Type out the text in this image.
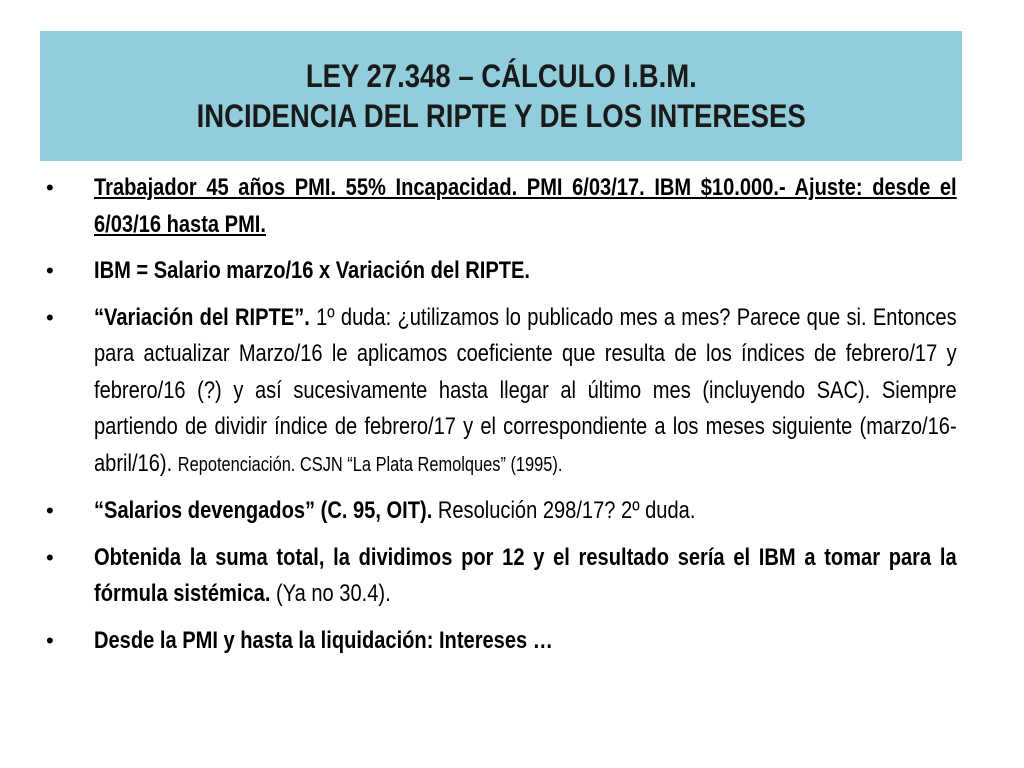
LEY 27.348 – CÁLCULO I.B.M.
INCIDENCIA DEL RIPTE Y DE LOS INTERESES
• Trabajador 45 años PMI. 55% Incapacidad. PMI 6/03/17. IBM $10.000.- Ajuste: desde el 6/03/16 hasta PMI.
• IBM = Salario marzo/16 x Variación del RIPTE.
• “Variación del RIPTE”. 1º duda: ¿utilizamos lo publicado mes a mes? Parece que si. Entonces para actualizar Marzo/16 le aplicamos coeficiente que resulta de los índices de febrero/17 y febrero/16 (?) y así sucesivamente hasta llegar al último mes (incluyendo SAC). Siempre partiendo de dividir índice de febrero/17 y el correspondiente a los meses siguiente (marzo/16-abril/16). Repotenciación. CSJN “La Plata Remolques” (1995).
• “Salarios devengados” (C. 95, OIT). Resolución 298/17? 2º duda.
• Obtenida la suma total, la dividimos por 12 y el resultado sería el IBM a tomar para la fórmula sistémica. (Ya no 30.4).
• Desde la PMI y hasta la liquidación: Intereses …
